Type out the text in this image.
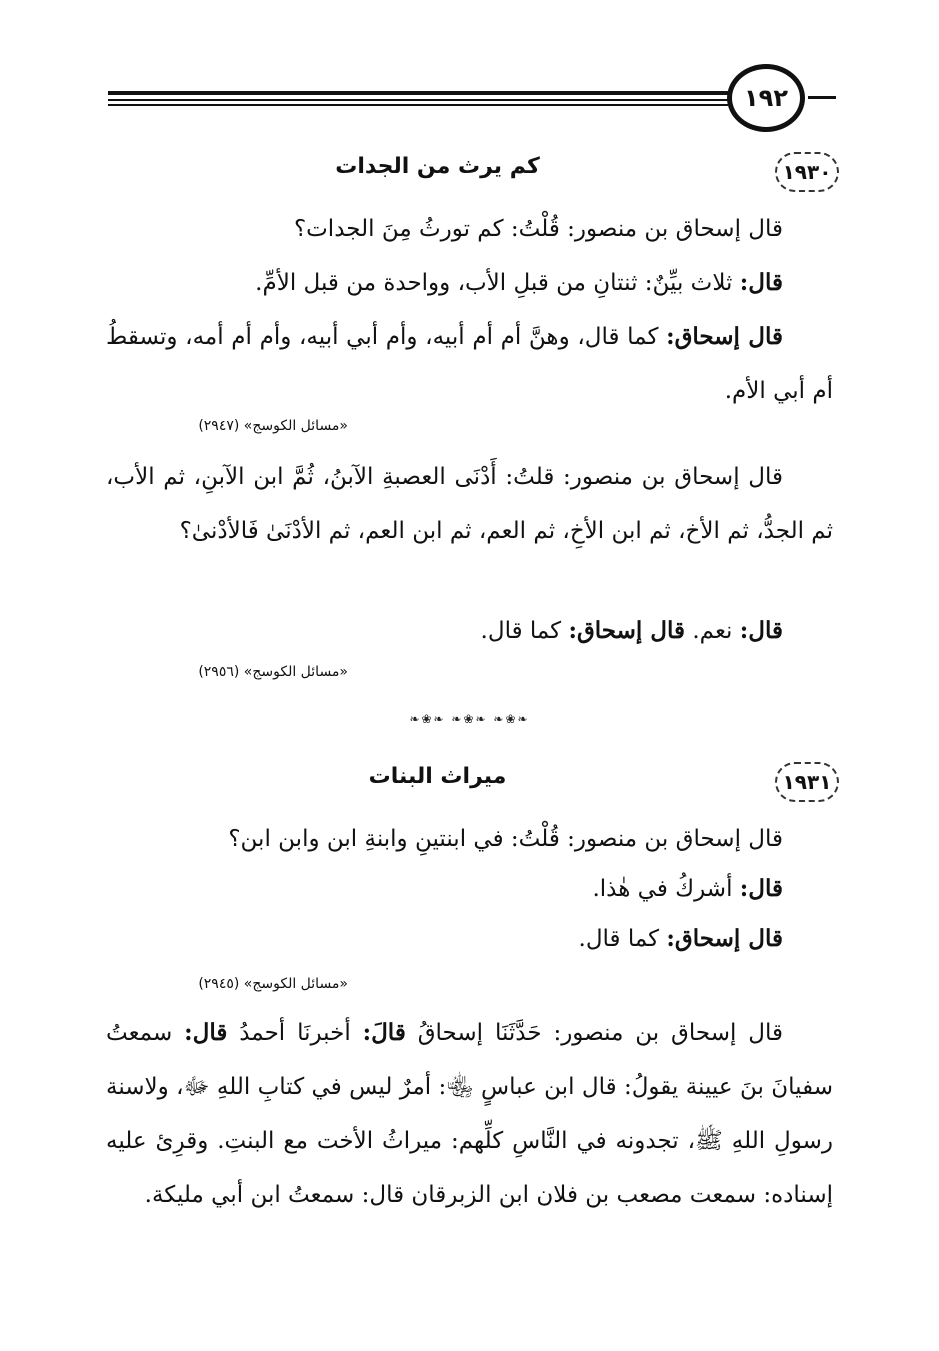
١٩٢
١٩٣٠
كم يرث من الجدات
قال إسحاق بن منصور: قُلْتُ: كم تورثُ مِنَ الجدات؟
قال: ثلاث بيِّنٌ: ثنتانِ من قبلِ الأب، وواحدة من قبل الأمِّ.
قال إسحاق: كما قال، وهنَّ أم أم أبيه، وأم أبي أبيه، وأم أم أمه، وتسقطُ أم أبي الأم.
«مسائل الكوسج» (٢٩٤٧)
قال إسحاق بن منصور: قلتُ: أَدْنَى العصبةِ الآبنُ، ثُمَّ ابن الآبنِ، ثم الأب، ثم الجدُّ، ثم الأخ، ثم ابن الأخِ، ثم العم، ثم ابن العم، ثم الأدْنَىٰ فَالأدْنىٰ؟
قال: نعم. قال إسحاق: كما قال.
«مسائل الكوسج» (٢٩٥٦)
❧❀❧ ❧❀❧ ❧❀❧
١٩٣١
ميراث البنات
قال إسحاق بن منصور: قُلْتُ: في ابنتينِ وابنةِ ابن وابن ابن؟
قال: أشركُ في هٰذا.
قال إسحاق: كما قال.
«مسائل الكوسج» (٢٩٤٥)
قال إسحاق بن منصور: حَدَّثَنَا إسحاقُ قالَ: أخبرنَا أحمدُ قال: سمعتُ سفيانَ بنَ عيينة يقولُ: قال ابن عباسٍ ﵄: أمرٌ ليس في كتابِ اللهِ ﷻ، ولاسنة رسولِ اللهِ ﷺ، تجدونه في النَّاسِ كلِّهم: ميراثُ الأخت مع البنتِ. وقرِئ عليه إسناده: سمعت مصعب بن فلان ابن الزبرقان قال: سمعتُ ابن أبي مليكة.
